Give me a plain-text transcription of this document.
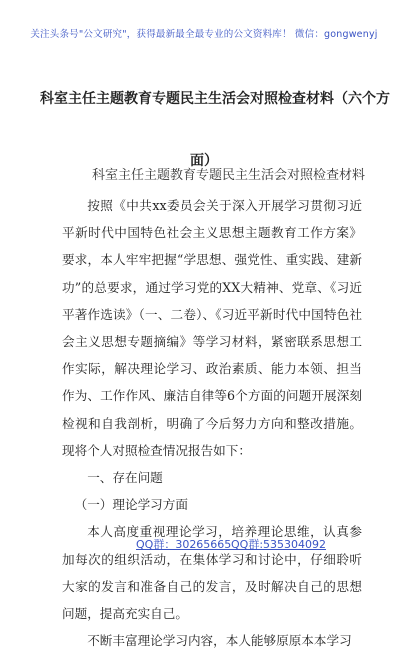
关注头条号"公文研究"，获得最新最全最专业的公文资料库！ 微信：gongwenyj
科室主任主题教育专题民主生活会对照检查材料（六个方
面）
科室主任主题教育专题民主生活会对照检查材料

按照《中共xx委员会关于深入开展学习贯彻习近平新时代中国特色社会主义思想主题教育工作方案》要求，本人牢牢把握“学思想、强党性、重实践、建新功”的总要求，通过学习党的XX大精神、党章、《习近平著作选读》（一、二卷）、《习近平新时代中国特色社会主义思想专题摘编》等学习材料，紧密联系思想工作实际，解决理论学习、政治素质、能力本领、担当作为、工作作风、廉洁自律等6个方面的问题开展深刻检视和自我剖析，明确了今后努力方向和整改措施。现将个人对照检查情况报告如下：

一、存在问题

（一）理论学习方面

本人高度重视理论学习，培养理论思维，认真参加每次的组织活动，在集体学习和讨论中，仔细聆听大家的发言和准备自己的发言，及时解决自己的思想问题，提高充实自己。

不断丰富理论学习内容，本人能够原原本本学习

QQ群：30265665 QQ群:535304092
